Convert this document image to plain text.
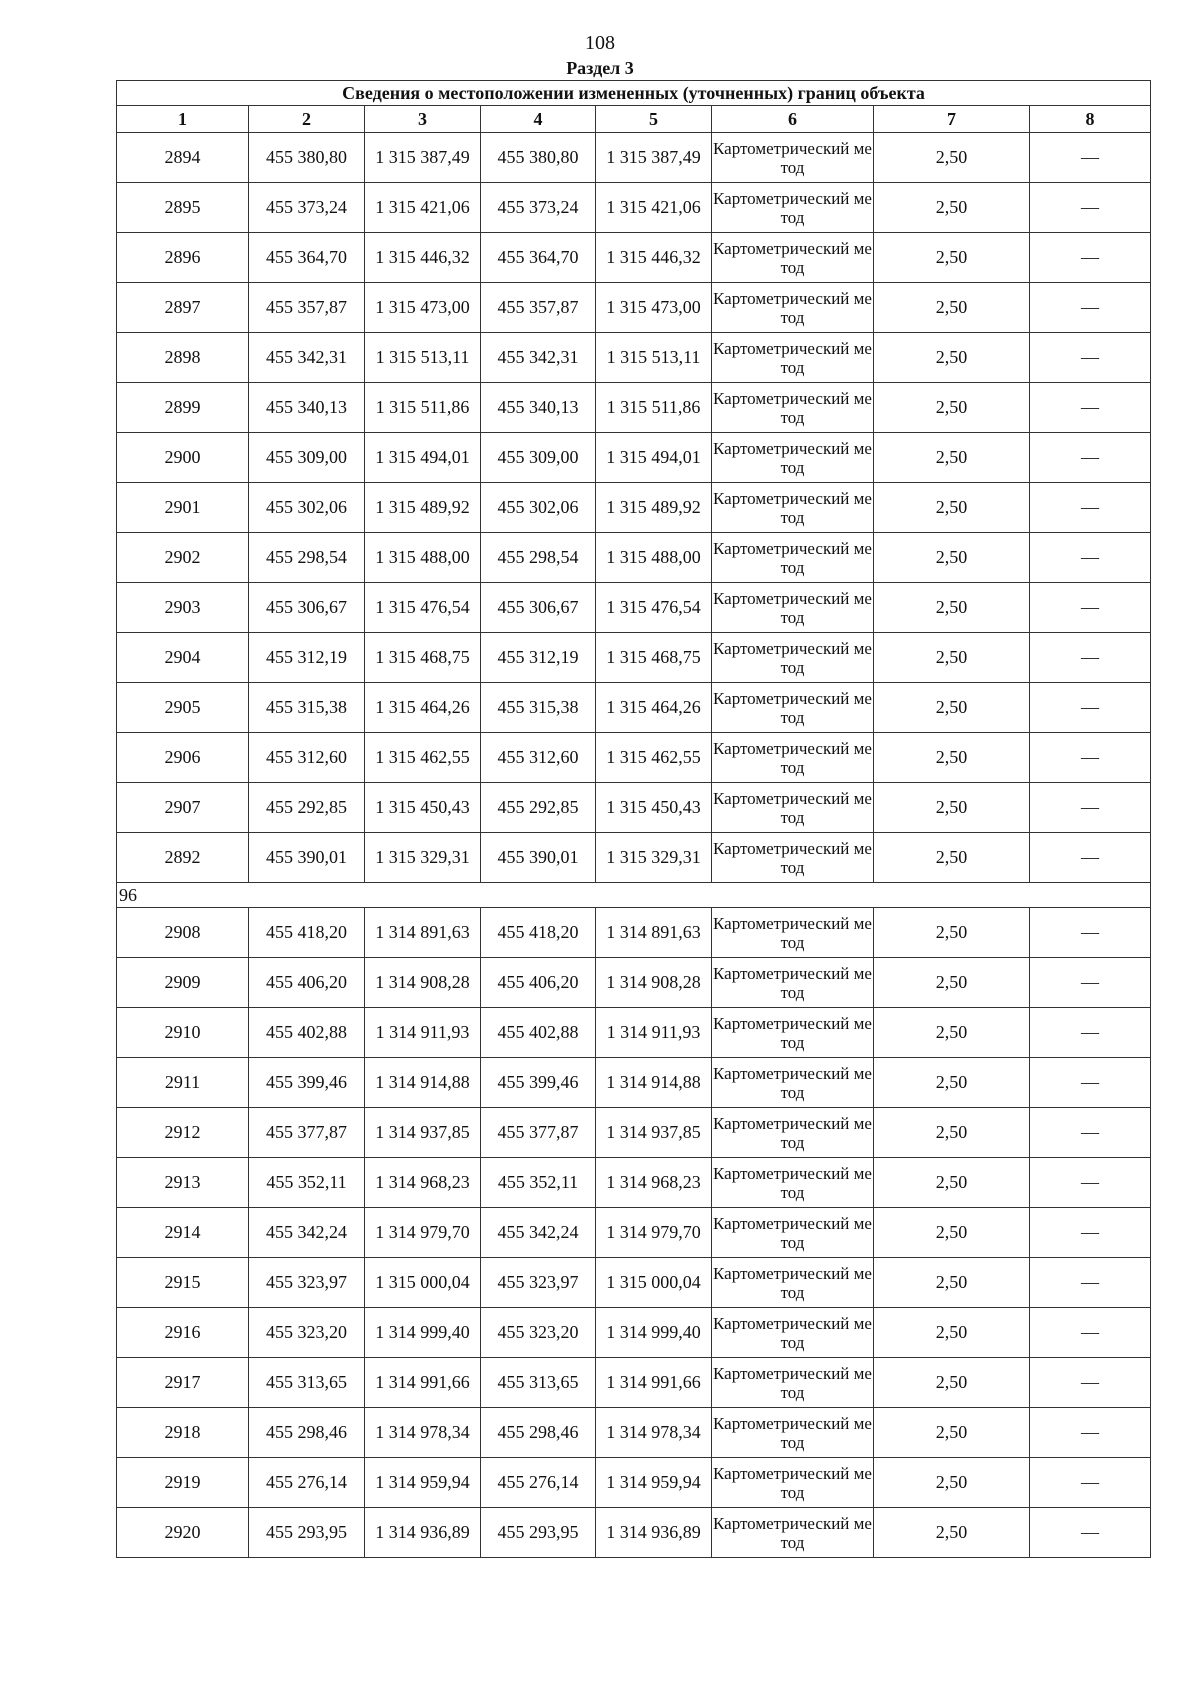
108
Раздел 3
Сведения о местоположении измененных (уточненных) границ объекта							
1	2	3	4	5	6	7	8
2894	455 380,80	1 315 387,49	455 380,80	1 315 387,49	Картометрический метод	2,50	—
2895	455 373,24	1 315 421,06	455 373,24	1 315 421,06	Картометрический метод	2,50	—
2896	455 364,70	1 315 446,32	455 364,70	1 315 446,32	Картометрический метод	2,50	—
2897	455 357,87	1 315 473,00	455 357,87	1 315 473,00	Картометрический метод	2,50	—
2898	455 342,31	1 315 513,11	455 342,31	1 315 513,11	Картометрический метод	2,50	—
2899	455 340,13	1 315 511,86	455 340,13	1 315 511,86	Картометрический метод	2,50	—
2900	455 309,00	1 315 494,01	455 309,00	1 315 494,01	Картометрический метод	2,50	—
2901	455 302,06	1 315 489,92	455 302,06	1 315 489,92	Картометрический метод	2,50	—
2902	455 298,54	1 315 488,00	455 298,54	1 315 488,00	Картометрический метод	2,50	—
2903	455 306,67	1 315 476,54	455 306,67	1 315 476,54	Картометрический метод	2,50	—
2904	455 312,19	1 315 468,75	455 312,19	1 315 468,75	Картометрический метод	2,50	—
2905	455 315,38	1 315 464,26	455 315,38	1 315 464,26	Картометрический метод	2,50	—
2906	455 312,60	1 315 462,55	455 312,60	1 315 462,55	Картометрический метод	2,50	—
2907	455 292,85	1 315 450,43	455 292,85	1 315 450,43	Картометрический метод	2,50	—
2892	455 390,01	1 315 329,31	455 390,01	1 315 329,31	Картометрический метод	2,50	—
96							
2908	455 418,20	1 314 891,63	455 418,20	1 314 891,63	Картометрический метод	2,50	—
2909	455 406,20	1 314 908,28	455 406,20	1 314 908,28	Картометрический метод	2,50	—
2910	455 402,88	1 314 911,93	455 402,88	1 314 911,93	Картометрический метод	2,50	—
2911	455 399,46	1 314 914,88	455 399,46	1 314 914,88	Картометрический метод	2,50	—
2912	455 377,87	1 314 937,85	455 377,87	1 314 937,85	Картометрический метод	2,50	—
2913	455 352,11	1 314 968,23	455 352,11	1 314 968,23	Картометрический метод	2,50	—
2914	455 342,24	1 314 979,70	455 342,24	1 314 979,70	Картометрический метод	2,50	—
2915	455 323,97	1 315 000,04	455 323,97	1 315 000,04	Картометрический метод	2,50	—
2916	455 323,20	1 314 999,40	455 323,20	1 314 999,40	Картометрический метод	2,50	—
2917	455 313,65	1 314 991,66	455 313,65	1 314 991,66	Картометрический метод	2,50	—
2918	455 298,46	1 314 978,34	455 298,46	1 314 978,34	Картометрический метод	2,50	—
2919	455 276,14	1 314 959,94	455 276,14	1 314 959,94	Картометрический метод	2,50	—
2920	455 293,95	1 314 936,89	455 293,95	1 314 936,89	Картометрический метод	2,50	—
